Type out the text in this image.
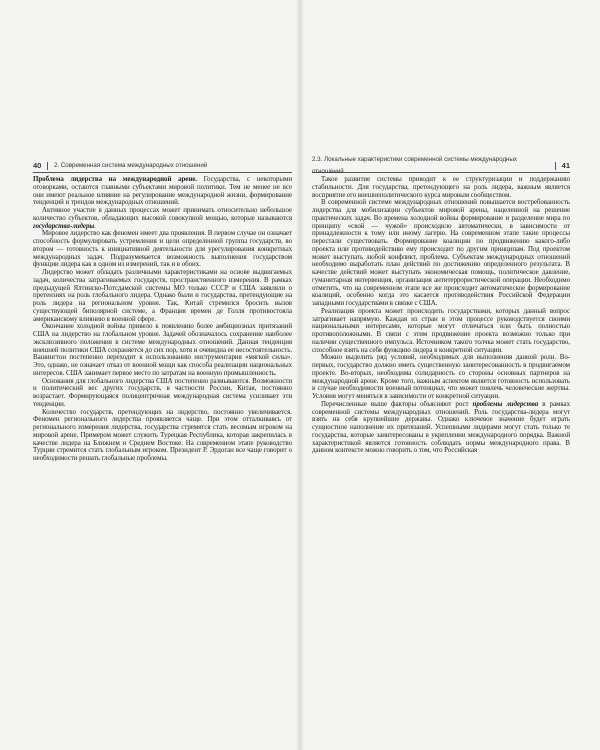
40 2. Современная система международных отношений
2.3. Локальные характеристики современной системы международных отношений
41

Проблема лидерства на международной арене. Государства, с некоторыми оговорками, остаются главными субъектами мировой политики. Тем не менее не все они имеют реальное влияние на регулирование международной жизни, формирование тенденций и трендов международных отношений.

Активное участие в данных процессах может принимать относительно небольшое количество субъектов, обладающих высокой совокупной мощью, которые называются государства-лидеры.

Мировое лидерство как феномен имеет два проявления. В первом случае он означает способность формулировать устремления и цели определенной группы государств, во втором — готовность к инициативной деятельности для урегулирования конкретных международных задач. Подразумевается возможность выполнения государством функции лидера как в одном из измерений, так и в обоих.

Лидерство может обладать различными характеристиками на основе выдвигаемых задач, количества затрагиваемых государств, пространственного измерения. В рамках предыдущей Ялтинско-Потсдамской системы МО только СССР и США заявляли о претензиях на роль глобального лидера. Однако были и государства, претендующие на роль лидера на региональном уровне. Так, Китай стремился бросить вызов существующей биполярной системе, а Франция времен де Голля противостояла американскому влиянию в военной сфере.

Окончание холодной войны привело к появлению более амбициозных притязаний США на лидерство на глобальном уровне. Задачей обозначалось сохранение наиболее эксклюзивного положения в системе международных отношений. Данная тенденция внешней политики США сохраняется до сих пор, хотя и очевидна ее несостоятельность. Вашингтон постепенно переходит к использованию инструментария «мягкой силы». Это, однако, не означает отказ от военной мощи как способа реализации национальных интересов. США занимает первое место по затратам на военную промышленность.

Основания для глобального лидерства США постепенно размываются. Возможности и политический вес других государств, в частности России, Китая, постоянно возрастает. Формирующаяся полицентричная международная система усиливает эти тенденции.

Количество государств, претендующих на лидерство, постоянно увеличивается. Феномен регионального лидерства проявляется чаще. При этом отталкиваясь от регионального измерения лидерства, государства стремятся стать весомым игроком на мировой арене. Примером может служить Турецкая Республика, которая закрепилась в качестве лидера на Ближнем и Среднем Востоке. На современном этапе руководство Турции стремится стать глобальным игроком. Президент Р. Эрдоган все чаще говорит о необходимости решать глобальные проблемы.

Такое развитие системы приводит к ее структуризации и поддержанию стабильности. Для государства, претендующего на роль лидера, важным является восприятие его внешнеполитического курса мировым сообществом.

В современной системе международных отношений повышается востребованность лидерства для мобилизации субъектов мировой арены, нацеленной на решение практических задач. Во времена холодной войны формирование и разделение мира по принципу «свой — чужой» происходило автоматически, в зависимости от принадлежности к тому или иному лагерю. На современном этапе такие процессы перестали существовать. Формирование коалиции по продвижению какого-либо проекта или противодействию ему происходит по другим принципам. Под проектом может выступать любой конфликт, проблема. Субъектам международных отношений необходимо выработать план действий по достижению определенного результата. В качестве действий может выступать экономическая помощь, политическое давление, гуманитарная интервенция, организация антитеррористической операции. Необходимо отметить, что на современном этапе все же происходит автоматическое формирование коалиций, особенно когда это касается противодействия Российской Федерации западными государствами в связке с США.

Реализация проекта может происходить государствами, которых данный вопрос затрагивает напрямую. Каждая из стран в этом процессе руководствуется своими национальными интересами, которые могут отличаться или быть полностью противоположными. В связи с этим продвижение проекта возможно только при наличии существенного импульса. Источником такого толчка может стать государство, способное взять на себя функцию лидера в конкретной ситуации.

Можно выделить ряд условий, необходимых для выполнения данной роли. Во-первых, государство должно иметь существенную заинтересованность в продвигаемом проекте. Во-вторых, необходима солидарность со стороны основных партнеров на международной арене. Кроме того, важным аспектом является готовность использовать в случае необходимости военный потенциал, что может повлечь человеческие жертвы. Условия могут меняться в зависимости от конкретной ситуации.

Перечисленные выше факторы объясняют рост проблемы лидерства в рамках современной системы международных отношений. Роль государства-лидера могут взять на себя крупнейшие державы. Однако ключевое значение будет играть сущностное наполнение их притязаний. Успешными лидерами могут стать только те государства, которые заинтересованы в укреплении международного порядка. Важной характеристикой является готовность соблюдать нормы международного права. В данном контексте можно говорить о том, что Российская
